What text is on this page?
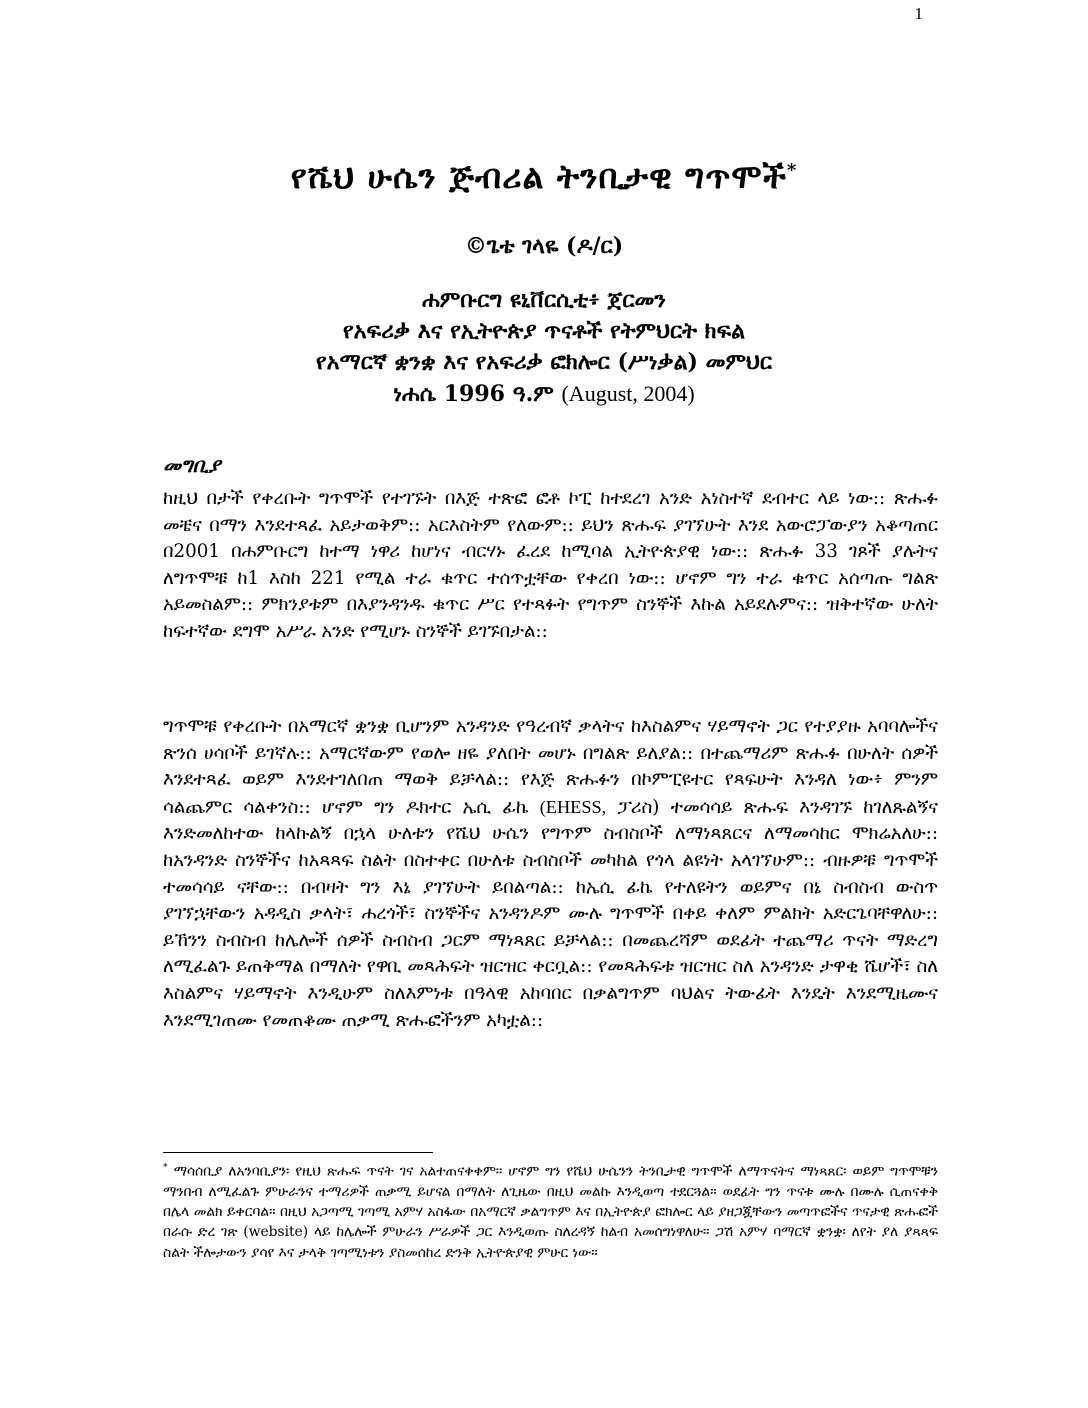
1
የሼህ ሁሴን ጅብሪል ትንቢታዊ ግጥሞች*
©ጌቴ ገላዬ (ዶ/ር)
ሐምቡርግ ዩኒቨርሲቲ፥ ጀርመን
የአፍሪቃ እና የኢትዮጵያ ጥናቶች የትምህርት ክፍል
የአማርኛ ቋንቋ እና የአፍሪቃ ፎክሎር (ሥነቃል) መምህር
ነሐሴ 1996 ዓ.ም (August, 2004)
መግቢያ
ከዚህ በታች የቀረቡት ግጥሞች የተገኙት በእጅ ተጽፎ ፎቶ ኮፒ ከተደረገ አንድ አነስተኛ ደብተር ላይ ነው:: ጽሑፉ መቼና በማን እንደተጻፈ አይታወቅም:: አርእስትም የለውም:: ይህን ጽሑፍ ያገኘሁት እንደ አውሮፓውያን አቆጣጠር በ2001 በሐምቡርግ ከተማ ነዋሪ ከሆነና ብርሃኑ ፈረደ ከሚባል ኢትዮጵያዊ ነው:: ጽሑፉ 33 ገጾች ያሉትና ለግጥሞቹ ከ1 እስከ 221 የሚል ተራ ቁጥር ተሰጥቷቸው የቀረበ ነው:: ሆኖም ግን ተራ ቁጥር አሰጣጡ ግልጽ አይመስልም:: ምክንያቱም በእያንዳንዱ ቁጥር ሥር የተጻፉት የግጥም ስንኞች እኩል አይደሉምና:: ዝቅተኛው ሁለት ከፍተኛው ደግሞ አሥራ አንድ የሚሆኑ ስንኞች ይገኙበታል::
ግጥሞቹ የቀረቡት በአማርኛ ቋንቋ ቢሆንም አንዳንድ የዓረብኛ ቃላትና ከእስልምና ሃይማኖት ጋር የተያያዙ አባባሎችና ጽንሰ ሀሳቦች ይገኛሉ:: አማርኛውም የወሎ ዘዬ ያለበት መሆኑ በግልጽ ይለያል:: በተጨማሪም ጽሑፉ በሁለት ሰዎች እንደተጻፈ ወይም እንደተገለበጠ ማወቅ ይቻላል:: የእጅ ጽሑፉን በኮምፒዩተር የጻፍሁት እንዳለ ነው፥ ምንም ሳልጨምር ሳልቀንስ:: ሆኖም ግን ዶክተር ኤሲ ፊኬ (EHESS, ፓሪስ) ተመሳሳይ ጽሑፍ እንዳገኙ ከገለጹልኝና እንድመለከተው ከላኩልኝ በኋላ ሁለቱን የሼህ ሁሴን የግጥም ስብስቦች ለማነጻጸርና ለማመሳከር ሞክሬአለሁ:: ከአንዳንድ ስንኞችና ከአጻጻፍ ስልት በስተቀር በሁለቱ ስብስቦች መካከል የጎላ ልዩነት አላገኘሁም:: ብዙዎቹ ግጥሞች ተመሳሳይ ናቸው:: በብዛት ግን እኔ ያገኘሁት ይበልጣል:: ከኤሲ ፊኬ የተለዩትን ወይምና በኔ ስብስብ ውስጥ ያገኘኋቸውን አዳዲስ ቃላት፣ ሐረጎች፣ ስንኞችና አንዳንዶም ሙሉ ግጥሞች በቀይ ቀለም ምልክት አድርጌባቸዋለሁ:: ይኸንን ስብስብ ከሌሎች ሰዎች ስብስብ ጋርም ማነጻጸር ይቻላል:: በመጨረሻም ወደፊት ተጨማሪ ጥናት ማድረግ ለሚፈልጉ ይጠቅማል በማለት የዋቢ መጻሕፍት ዝርዝር ቀርቧል:: የመጻሕፍቱ ዝርዝር ስለ አንዳንድ ታዋቂ ሼሆች፣ ስለ እስልምና ሃይማኖት እንዲሁም ስለእምነቱ በዓላዊ አከባበር በቃልግጥም ባህልና ትውፊት እንዴት እንደሚዜሙና እንደሚገጠሙ የመጠቆሙ ጠቃሚ ጽሑፎችንም አካቷል::
* ማሳሰቢያ ለአንባቢያን፡ የዚህ ጽሑፍ ጥናት ገና አልተጠናቀቀም። ሆኖም ግን የሼህ ሁሴንን ትንቢታዊ ግጥሞች ለማጥናትና ማነጻጸር፡ ወይም ግጥሞቹን ማንበብ ለሚፈልጉ ምሁራንና ተማሪዎች ጠቃሚ ይሆናል በማለት ለጊዜው በዚህ መልኩ እንዲወጣ ተደርጓል። ወደፊት ግን ጥናቱ ሙሉ በሙሉ ሲጠናቀቅ በሌላ መልክ ይቀርባል። በዚህ አጋጣሚ ገጣሚ አምሃ አስፋው በአማርኛ ቃልግጥም እና በኢትዮጵያ ፎክሎር ላይ ያዘጋጇቸውን መጣጥፎችና ጥናታዊ ጽሑፎች በራሱ ድረ ገጽ (website) ላይ ከሌሎች ምሁራን ሥራዎች ጋር እንዲወጡ ስለረዳኝ ከልብ አመሰግነዋለሁ። ጋሽ አምሃ ባማርኛ ቋንቋ፡ ለየት ያለ ያጻጻፍ ስልት ችሎታውን ያሳየ እና ታላቅ ገጣሚነቱን ያስመሰከረ ድንቅ ኢትዮጵያዊ ምሁር ነው።
